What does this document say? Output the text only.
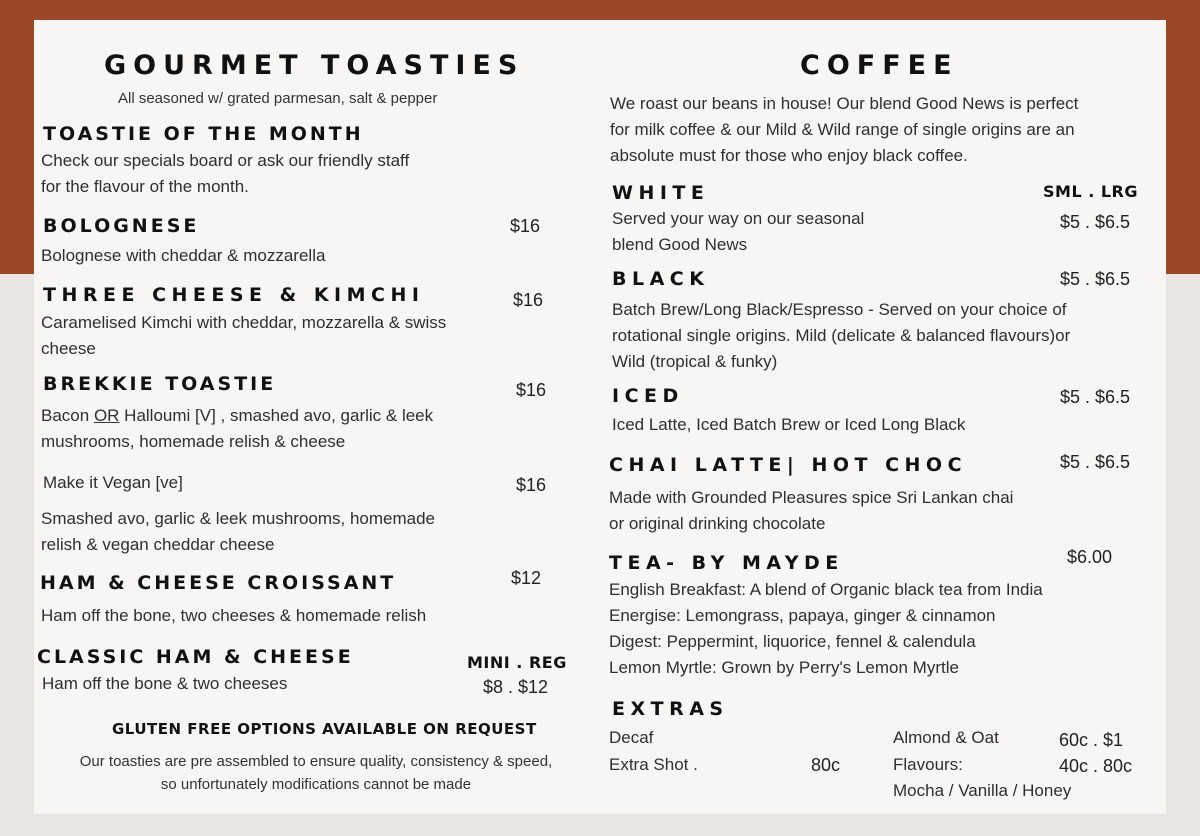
GOURMET TOASTIES
All seasoned w/ grated parmesan, salt & pepper
TOASTIE OF THE MONTH
Check our specials board or ask our friendly staff
for the flavour of the month.
BOLOGNESE	$16
Bolognese with cheddar & mozzarella
THREE CHEESE & KIMCHI	$16
Caramelised Kimchi with cheddar, mozzarella & swiss
cheese
BREKKIE TOASTIE	$16
Bacon OR Halloumi [V] , smashed avo, garlic & leek
mushrooms, homemade relish & cheese
Make it Vegan [ve]	$16
Smashed avo, garlic & leek mushrooms, homemade
relish & vegan cheddar cheese
HAM & CHEESE CROISSANT	$12
Ham off the bone, two cheeses & homemade relish
CLASSIC HAM & CHEESE	MINI . REG
$8 . $12
Ham off the bone & two cheeses
GLUTEN FREE OPTIONS AVAILABLE ON REQUEST
Our toasties are pre assembled to ensure quality, consistency & speed,
so unfortunately modifications cannot be made
COFFEE
We roast our beans in house! Our blend Good News is perfect
for milk coffee & our Mild & Wild range of single origins are an
absolute must for those who enjoy black coffee.
WHITE	SML . LRG
$5 . $6.5
Served your way on our seasonal
blend Good News
BLACK	$5 . $6.5
Batch Brew/Long Black/Espresso - Served on your choice of
rotational single origins. Mild (delicate & balanced flavours)or
Wild (tropical & funky)
ICED	$5 . $6.5
Iced Latte, Iced Batch Brew or Iced Long Black
CHAI LATTE| HOT CHOC	$5 . $6.5
Made with Grounded Pleasures spice Sri Lankan chai
or original drinking chocolate
TEA- BY MAYDE	$6.00
English Breakfast: A blend of Organic black tea from India
Energise: Lemongrass, papaya, ginger & cinnamon
Digest: Peppermint, liquorice, fennel & calendula
Lemon Myrtle: Grown by Perry's Lemon Myrtle
EXTRAS
Decaf
Extra Shot .	80c
Almond & Oat	60c . $1
Flavours:	40c . 80c
Mocha / Vanilla / Honey
